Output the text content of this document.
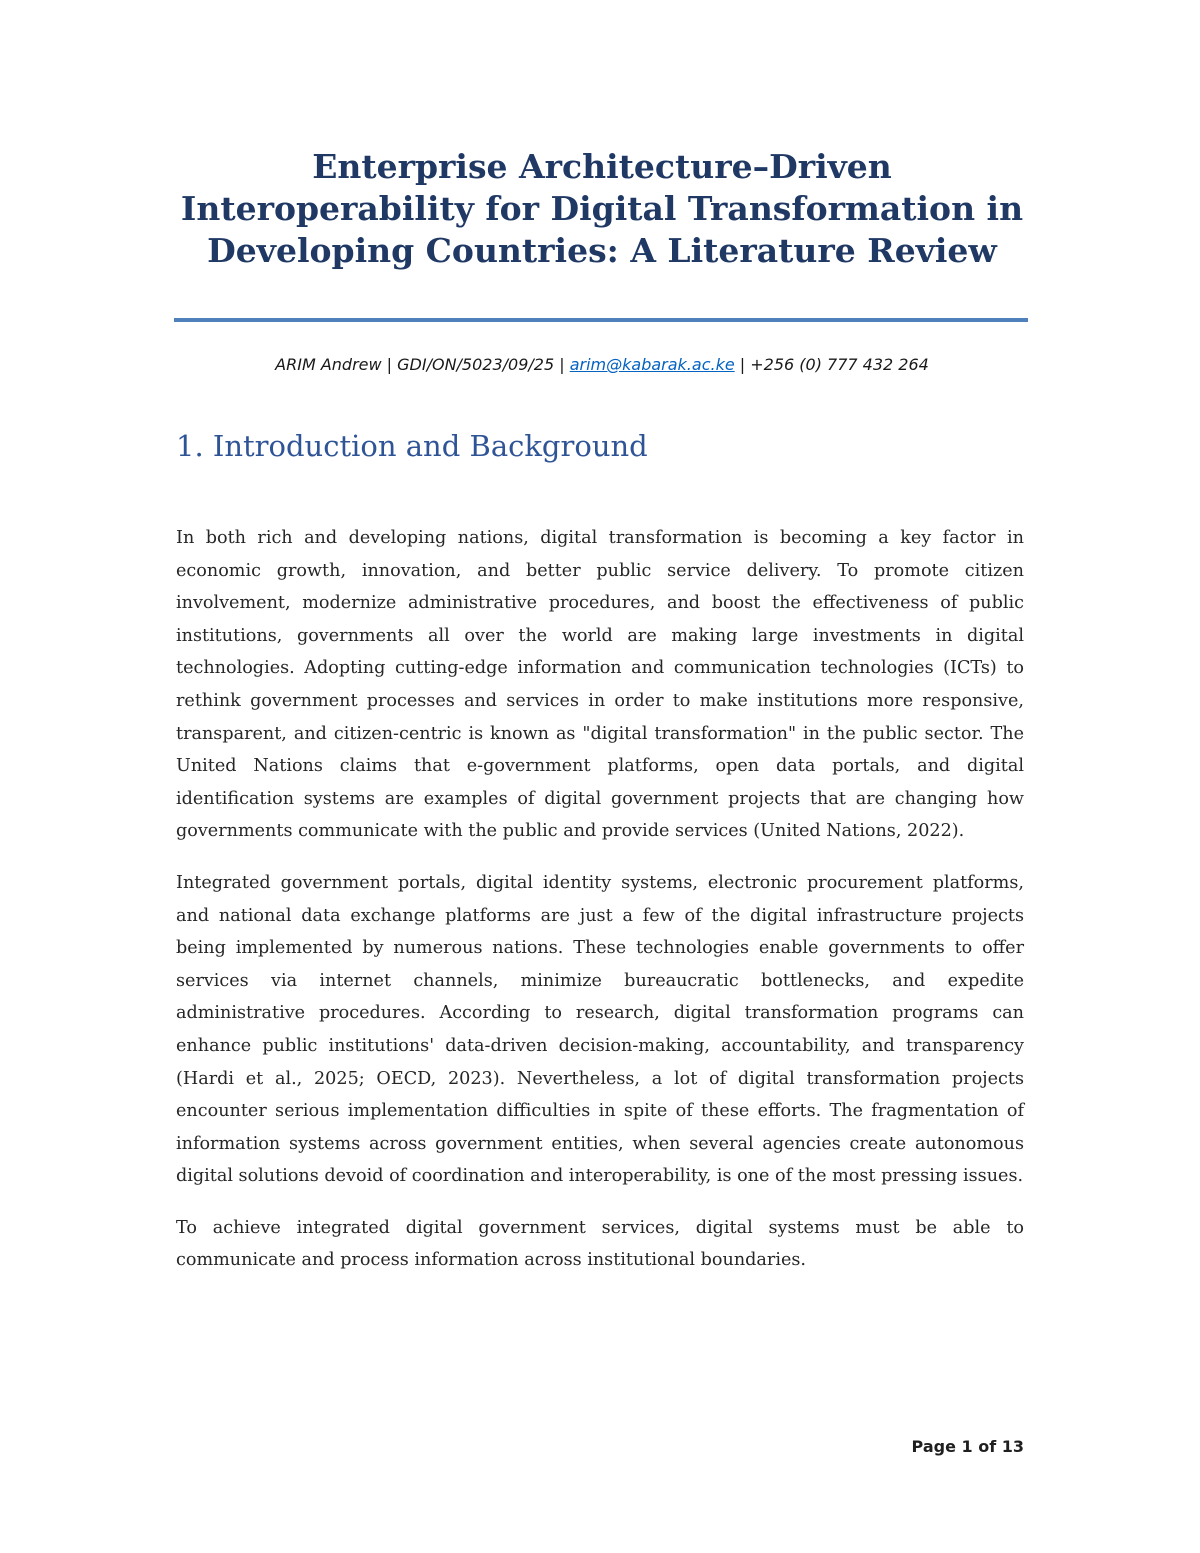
Enterprise Architecture–Driven Interoperability for Digital Transformation in Developing Countries: A Literature Review
ARIM Andrew | GDI/ON/5023/09/25 | arim@kabarak.ac.ke | +256 (0) 777 432 264
1. Introduction and Background

In both rich and developing nations, digital transformation is becoming a key factor in economic growth, innovation, and better public service delivery. To promote citizen involvement, modernize administrative procedures, and boost the effectiveness of public institutions, governments all over the world are making large investments in digital technologies. Adopting cutting-edge information and communication technologies (ICTs) to rethink government processes and services in order to make institutions more responsive, transparent, and citizen-centric is known as "digital transformation" in the public sector. The United Nations claims that e-government platforms, open data portals, and digital identification systems are examples of digital government projects that are changing how governments communicate with the public and provide services (United Nations, 2022).

Integrated government portals, digital identity systems, electronic procurement platforms, and national data exchange platforms are just a few of the digital infrastructure projects being implemented by numerous nations. These technologies enable governments to offer services via internet channels, minimize bureaucratic bottlenecks, and expedite administrative procedures. According to research, digital transformation programs can enhance public institutions' data-driven decision-making, accountability, and transparency (Hardi et al., 2025; OECD, 2023). Nevertheless, a lot of digital transformation projects encounter serious implementation difficulties in spite of these efforts. The fragmentation of information systems across government entities, when several agencies create autonomous digital solutions devoid of coordination and interoperability, is one of the most pressing issues.

To achieve integrated digital government services, digital systems must be able to communicate and process information across institutional boundaries.

Page 1 of 13
